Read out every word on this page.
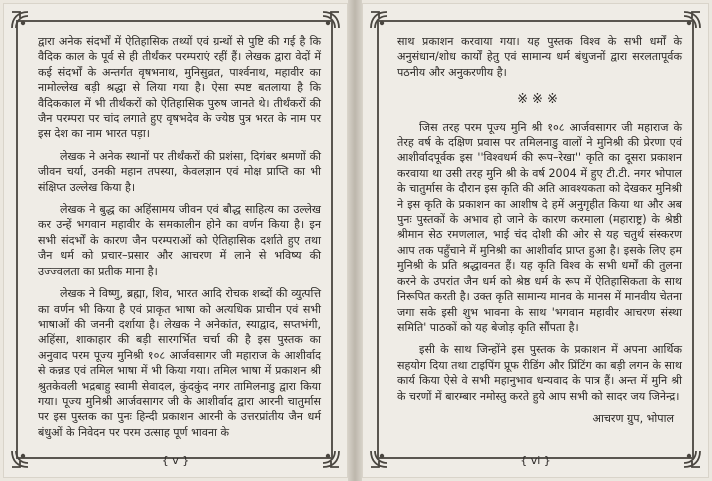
द्वारा अनेक संदर्भों में ऐतिहासिक तथ्यों एवं ग्रन्थों से पुष्टि की गई है कि वैदिक काल के पूर्व से ही तीर्थंकर परम्पराएं रहीं हैं। लेखक द्वारा वेदों में कई संदर्भों के अन्तर्गत वृषभनाथ, मुनिसुव्रत, पार्श्वनाथ, महावीर का नामोल्लेख बड़ी श्रद्धा से लिया गया है। ऐसा स्पष्ट बतलाया है कि वैदिककाल में भी तीर्थंकरों को ऐतिहासिक पुरुष जानते थे। तीर्थंकरों की जैन परम्परा पर चांद लगाते हुए वृषभदेव के ज्येष्ठ पुत्र भरत के नाम पर इस देश का नाम भारत पड़ा।

लेखक ने अनेक स्थानों पर तीर्थंकरों की प्रशंसा, दिगंबर श्रमणों की जीवन चर्या, उनकी महान तपस्या, केवलज्ञान एवं मोक्ष प्राप्ति का भी संक्षिप्त उल्लेख किया है।

लेखक ने बुद्ध का अहिंसामय जीवन एवं बौद्ध साहित्य का उल्लेख कर उन्हें भगवान महावीर के समकालीन होने का वर्णन किया है। इन सभी संदर्भों के कारण जैन परम्पराओं को ऐतिहासिक दर्शाते हुए तथा जैन धर्म को प्रचार–प्रसार और आचरण में लाने से भविष्य की उज्ज्वलता का प्रतीक माना है।

लेखक ने विष्णु, ब्रह्मा, शिव, भारत आदि रोचक शब्दों की व्युत्पत्ति का वर्णन भी किया है एवं प्राकृत भाषा को अत्यधिक प्राचीन एवं सभी भाषाओं की जननी दर्शाया है। लेखक ने अनेकांत, स्याद्वाद, सप्तभंगी, अहिंसा, शाकाहार की बड़ी सारगर्भित चर्चा की है इस पुस्तक का अनुवाद परम पूज्य मुनिश्री १०८ आर्जवसागर जी महाराज के आशीर्वाद से कन्नड एवं तमिल भाषा में भी किया गया। तमिल भाषा में प्रकाशन श्री श्रुतकेवली भद्रबाहु स्वामी सेवादल, कुंदकुंद नगर तामिलनाडु द्वारा किया गया। पूज्य मुनिश्री आर्जवसागर जी के आशीर्वाद द्वारा आरनी चातुर्मास पर इस पुस्तक का पुनः हिन्दी प्रकाशन आरनी के उत्तरप्रांतीय जैन धर्म बंधुओं के निवेदन पर परम उत्साह पूर्ण भावना के

{ v }

साथ प्रकाशन करवाया गया। यह पुस्तक विश्व के सभी धर्मों के अनुसंधान/शोध कार्यों हेतु एवं सामान्य धर्म बंधुजनों द्वारा सरलतापूर्वक पठनीय और अनुकरणीय है।

※※※

जिस तरह परम पूज्य मुनि श्री १०८ आर्जवसागर जी महाराज के तेरह वर्ष के दक्षिण प्रवास पर तमिलनाडु वालों ने मुनिश्री की प्रेरणा एवं आशीर्वादपूर्वक इस ''विश्वधर्म की रूप–रेखा'' कृति का दूसरा प्रकाशन करवाया था उसी तरह मुनि श्री के वर्ष 2004 में हुए टी.टी. नगर भोपाल के चातुर्मास के दौरान इस कृति की अति आवश्यकता को देखकर मुनिश्री ने इस कृति के प्रकाशन का आशीष दे हमें अनुगृहीत किया था और अब पुनः पुस्तकों के अभाव हो जाने के कारण करमाला (महाराष्ट्र) के श्रेष्ठी श्रीमान सेठ रमणलाल, भाई चंद दोशी की ओर से यह चतुर्थ संस्करण आप तक पहुँचाने में मुनिश्री का आशीर्वाद प्राप्त हुआ है। इसके लिए हम मुनिश्री के प्रति श्रद्धावनत हैं। यह कृति विश्व के सभी धर्मों की तुलना करने के उपरांत जैन धर्म को श्रेष्ठ धर्म के रूप में ऐतिहासिकता के साथ निरूपित करती है। उक्त कृति सामान्य मानव के मानस में मानवीय चेतना जगा सके इसी शुभ भावना के साथ 'भगवान महावीर आचरण संस्था समिति' पाठकों को यह बेजोड़ कृति सौंपता है।

इसी के साथ जिन्होंने इस पुस्तक के प्रकाशन में अपना आर्थिक सहयोग दिया तथा टाइपिंग प्रूफ रीडिंग और प्रिंटिंग का बड़ी लगन के साथ कार्य किया ऐसे वे सभी महानुभाव धन्यवाद के पात्र हैं। अन्त में मुनि श्री के चरणों में बारम्बार नमोस्तु करते हुये आप सभी को सादर जय जिनेन्द्र।

आचरण ग्रुप, भोपाल
{ vi }
